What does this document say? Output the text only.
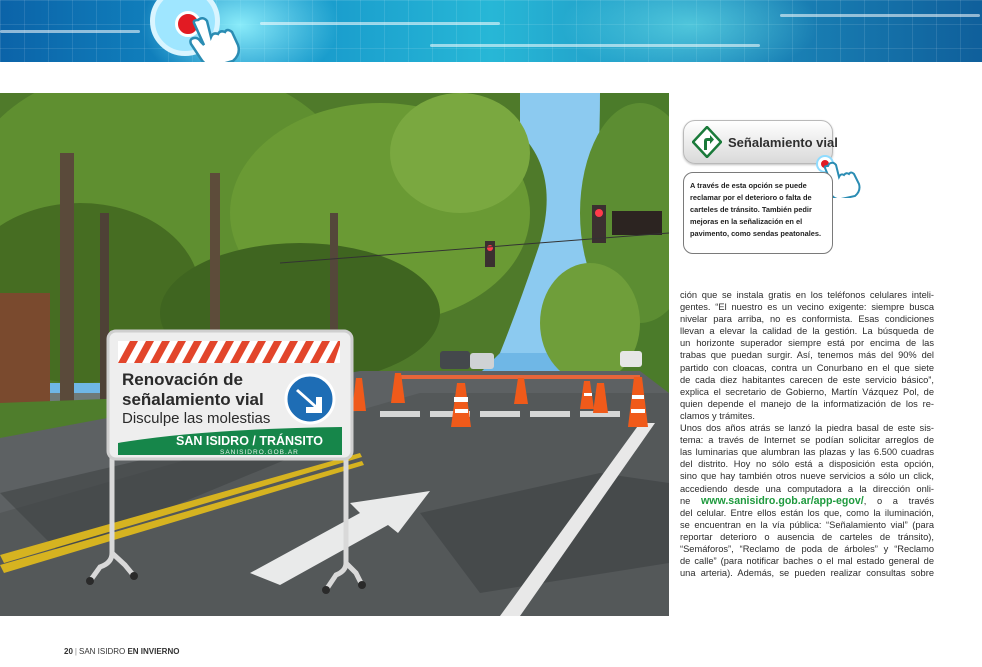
Renovación de
señalamiento vial
Disculpe las molestias
SAN ISIDRO / TRÁNSITO
SANISIDRO.GOB.AR
Señalamiento vial
A través de esta opción se puede
reclamar por el deterioro o falta de
carteles de tránsito. También pedir
mejoras en la señalización en el
pavimento, como sendas peatonales.
ción que se instala gratis en los teléfonos celulares inteli-
gentes. “El nuestro es un vecino exigente: siempre busca
nivelar para arriba, no es conformista. Esas condiciones
llevan a elevar la calidad de la gestión. La búsqueda de
un horizonte superador siempre está por encima de las
trabas que puedan surgir. Así, tenemos más del 90% del
partido con cloacas, contra un Conurbano en el que siete
de cada diez habitantes carecen de este servicio básico”,
explica el secretario de Gobierno, Martín Vázquez Pol, de
quien depende el manejo de la informatización de los re-
clamos y trámites.
Unos dos años atrás se lanzó la piedra basal de este sis-
tema: a través de Internet se podían solicitar arreglos de
las luminarias que alumbran las plazas y las 6.500 cuadras
del distrito. Hoy no sólo está a disposición esta opción,
sino que hay también otros nueve servicios a sólo un click,
accediendo desde una computadora a la dirección onli-
ne www.sanisidro.gob.ar/app-egov/, o a través
del celular. Entre ellos están los que, como la iluminación,
se encuentran en la vía pública: “Señalamiento vial” (para
reportar deterioro o ausencia de carteles de tránsito),
“Semáforos”, “Reclamo de poda de árboles” y “Reclamo
de calle” (para notificar baches o el mal estado general de
una arteria). Además, se pueden realizar consultas sobre
20 | SAN ISIDRO EN INVIERNO
